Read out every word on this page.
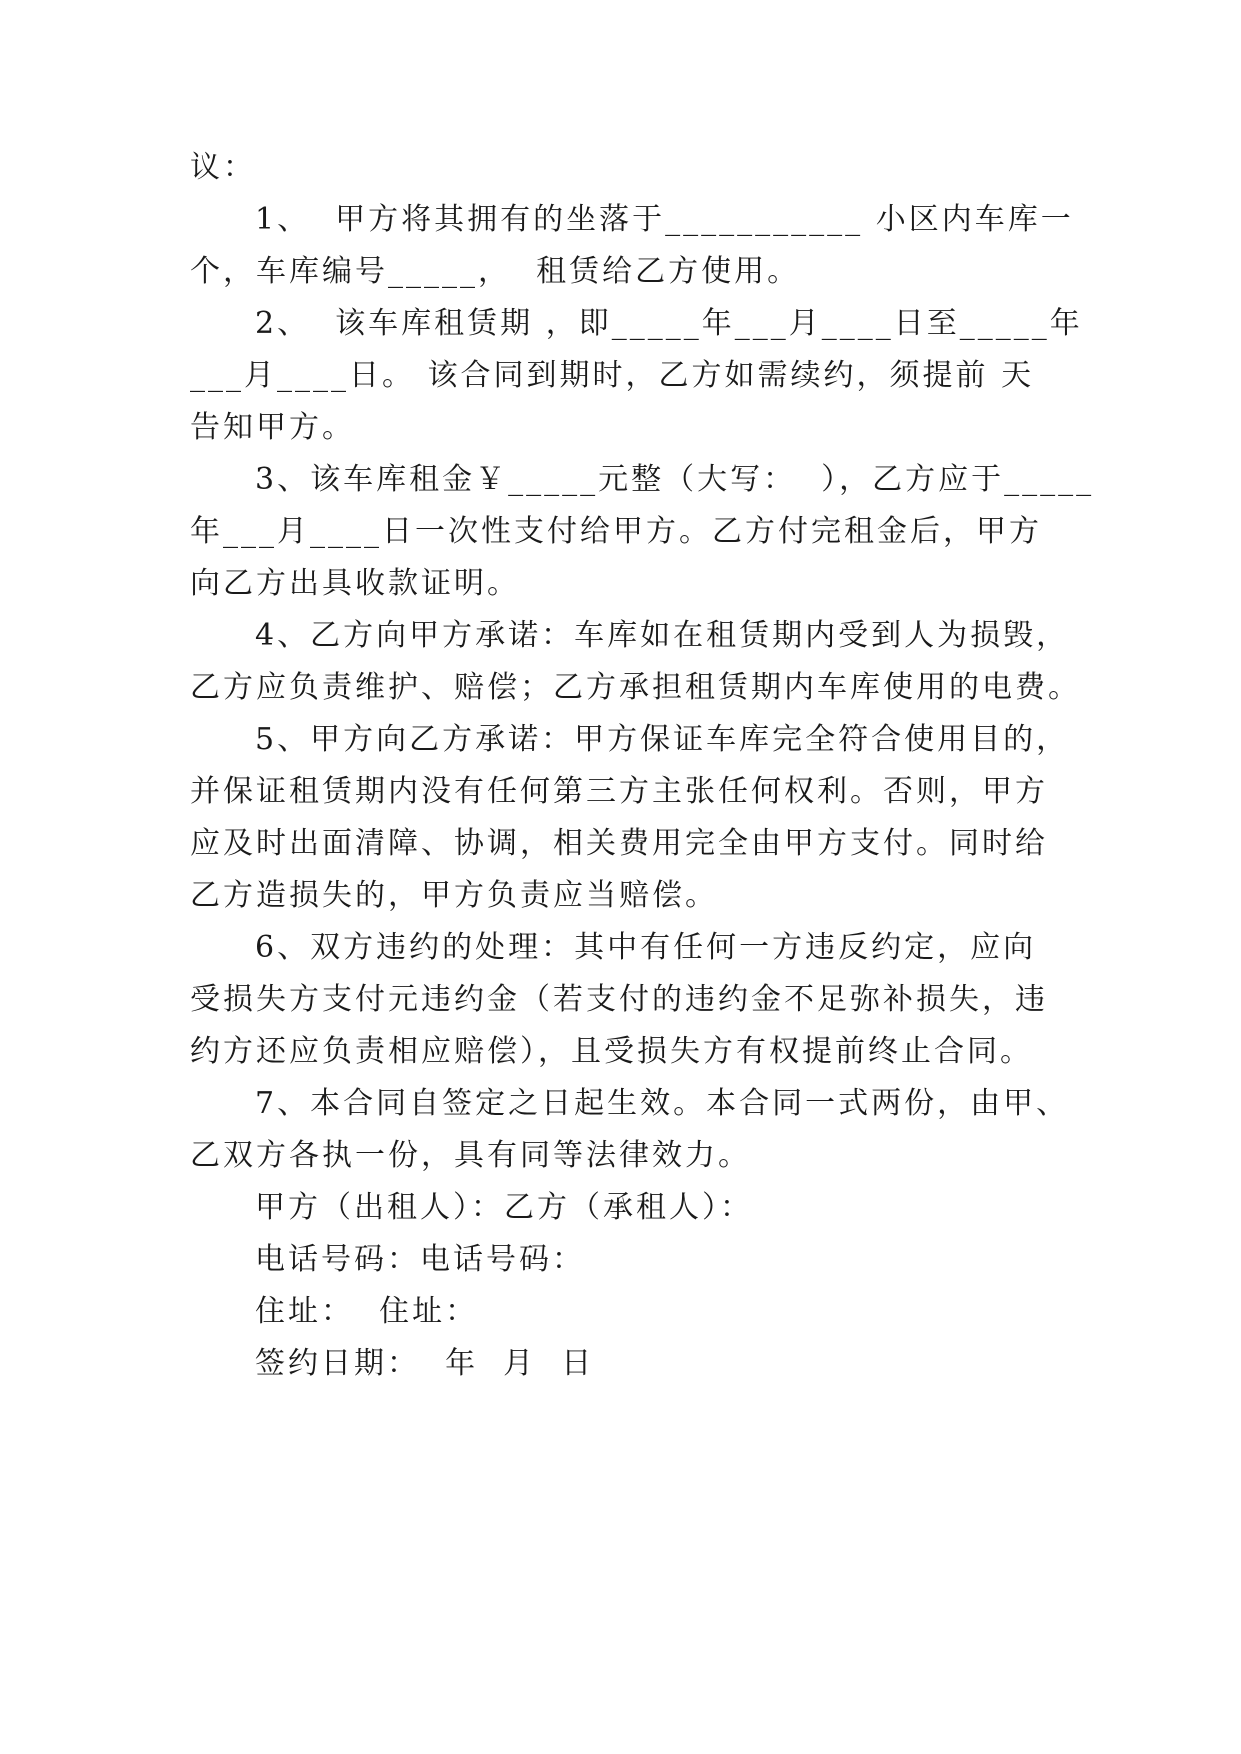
议：
1、  甲方将其拥有的坐落于___________ 小区内车库一
个，车库编号_____，  租赁给乙方使用。
2、  该车库租赁期 ，即_____年___月____日至_____年
___月____日。 该合同到期时，乙方如需续约，须提前 天
告知甲方。
3、该车库租金￥_____元整（大写：  ），乙方应于_____
年___月____日一次性支付给甲方。乙方付完租金后，甲方
向乙方出具收款证明。
4、乙方向甲方承诺：车库如在租赁期内受到人为损毁，
乙方应负责维护、赔偿；乙方承担租赁期内车库使用的电费。
5、甲方向乙方承诺：甲方保证车库完全符合使用目的，
并保证租赁期内没有任何第三方主张任何权利。否则，甲方
应及时出面清障、协调，相关费用完全由甲方支付。同时给
乙方造损失的，甲方负责应当赔偿。
6、双方违约的处理：其中有任何一方违反约定，应向
受损失方支付元违约金（若支付的违约金不足弥补损失，违
约方还应负责相应赔偿），且受损失方有权提前终止合同。
7、本合同自签定之日起生效。本合同一式两份，由甲、
乙双方各执一份，具有同等法律效力。
甲方（出租人）：乙方（承租人）：
电话号码：电话号码：
住址：  住址：
签约日期：  年  月  日
